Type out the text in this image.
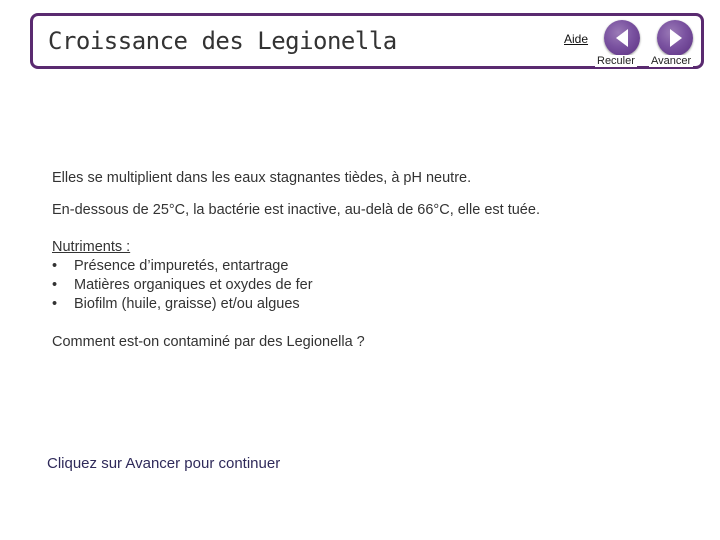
Croissance des Legionella	Aide
Reculer Avancer
Elles se multiplient dans les eaux stagnantes tièdes, à pH neutre.
En-dessous de 25°C, la bactérie est inactive, au-delà de 66°C, elle est tuée.
Nutriments :
• Présence d’impuretés, entartrage
• Matières organiques et oxydes de fer
• Biofilm (huile, graisse) et/ou algues
Comment est-on contaminé par des Legionella ?
Cliquez sur Avancer pour continuer
